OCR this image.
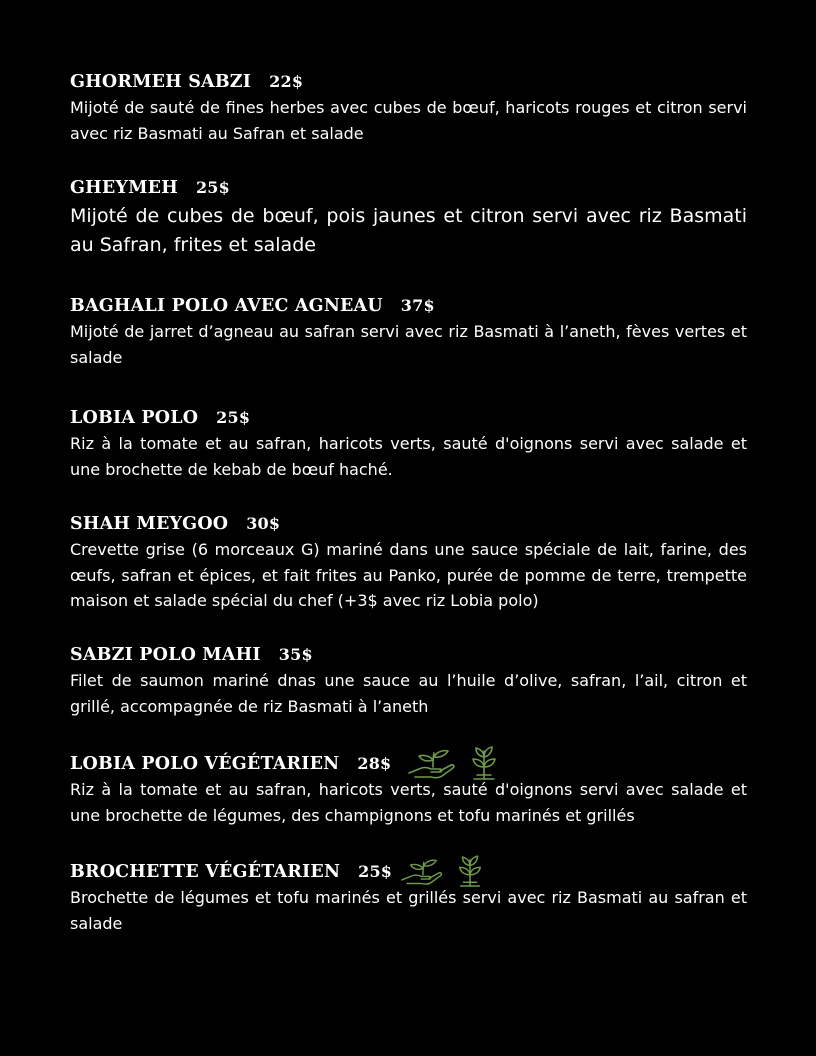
GHORMEH SABZI 22$
Mijoté de sauté de fines herbes avec cubes de bœuf, haricots rouges et citron servi avec riz Basmati au Safran et salade
GHEYMEH 25$
Mijoté de cubes de bœuf, pois jaunes et citron servi avec riz Basmati au Safran, frites et salade
BAGHALI POLO AVEC AGNEAU 37$
Mijoté de jarret d’agneau au safran servi avec riz Basmati à l’aneth, fèves vertes et salade
LOBIA POLO 25$
Riz à la tomate et au safran, haricots verts, sauté d'oignons servi avec salade et une brochette de kebab de bœuf haché.
SHAH MEYGOO 30$
Crevette grise (6 morceaux G) mariné dans une sauce spéciale de lait, farine, des œufs, safran et épices, et fait frites au Panko, purée de pomme de terre, trempette maison et salade spécial du chef (+3$ avec riz Lobia polo)
SABZI POLO MAHI 35$
Filet de saumon mariné dnas une sauce au l’huile d’olive, safran, l’ail, citron et grillé, accompagnée de riz Basmati à l’aneth
LOBIA POLO VÉGÉTARIEN 28$
Riz à la tomate et au safran, haricots verts, sauté d'oignons servi avec salade et une brochette de légumes, des champignons et tofu marinés et grillés
BROCHETTE VÉGÉTARIEN 25$
Brochette de légumes et tofu marinés et grillés servi avec riz Basmati au safran et salade
